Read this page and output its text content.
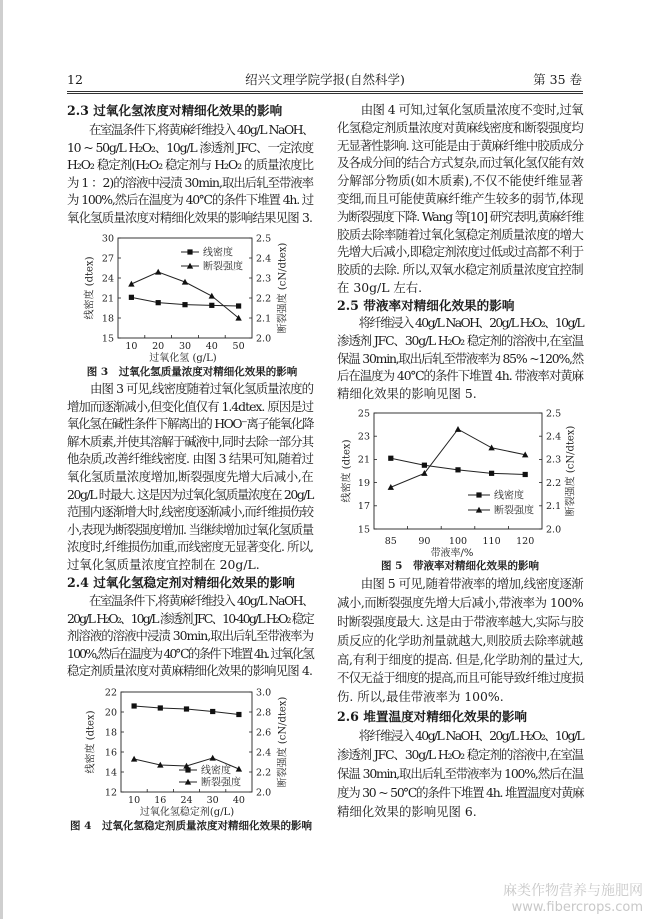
12	绍兴文理学院学报(自然科学)	第 35 卷
2.3 过氧化氢浓度对精细化效果的影响
　　在室温条件下,将黄麻纤维投入 40g/L NaOH、
10 ~ 50g/L H₂O₂、10g/L 渗透剂 JFC、一定浓度
H₂O₂ 稳定剂(H₂O₂ 稳定剂与 H₂O₂ 的质量浓度比
为 1 ：2)的溶液中浸渍 30min,取出后轧至带液率
为 100%,然后在温度为 40℃的条件下堆置 4h. 过
氧化氢质量浓度对精细化效果的影响结果见图 3.
10 20 30 40 50
15
18
21
24
27
30
2.0
2.1
2.2
2.3
2.4
2.5
线密度 (dtex)	断裂强度 (cN/dtex)
过氧化氢 (g/L)
图 3　过氧化氢质量浓度对精细化效果的影响
线密度
断裂强度
　　由图 3 可见,线密度随着过氧化氢质量浓度的
增加而逐渐减小,但变化值仅有 1.4dtex. 原因是过
氧化氢在碱性条件下解离出的 HOO⁻离子能氧化降
解木质素,并使其溶解于碱液中,同时去除一部分其
他杂质,改善纤维线密度. 由图 3 结果可知,随着过
氧化氢质量浓度增加,断裂强度先增大后减小,在
20g/L 时最大. 这是因为过氧化氢质量浓度在 20g/L
范围内逐渐增大时,线密度逐渐减小,而纤维损伤较
小,表现为断裂强度增加. 当继续增加过氧化氢质量
浓度时,纤维损伤加重,而线密度无显著变化. 所以,
过氧化氢质量浓度宜控制在 20g/L.
2.4 过氧化氢稳定剂对精细化效果的影响
　　在室温条件下,将黄麻纤维投入 40g/L NaOH、
20g/L H₂O₂、10g/L 渗透剂 JFC、10-40g/L H₂O₂ 稳定
剂溶液的溶液中浸渍 30min,取出后轧至带液率为
100%,然后在温度为 40℃的条件下堆置 4h. 过氧化氢
稳定剂质量浓度对黄麻精细化效果的影响见图 4.
10 16 24 30 40
12
14
16
18
20
22
2.0
2.2
2.4
2.6
2.8
3.0
线密度 (dtex)	断裂强度 (cN/dtex)
过氧化氢稳定剂(g/L)
图 4　过氧化氢稳定剂质量浓度对精细化效果的影响
线密度
断裂强度
　　由图 4 可知,过氧化氢质量浓度不变时,过氧
化氢稳定剂质量浓度对黄麻线密度和断裂强度均
无显著性影响. 这可能是由于黄麻纤维中胶质成分
及各成分间的结合方式复杂,而过氧化氢仅能有效
分解部分物质(如木质素),不仅不能使纤维显著
变细,而且可能使黄麻纤维产生较多的弱节,体现
为断裂强度下降. Wang 等[10] 研究表明,黄麻纤维
胶质去除率随着过氧化氢稳定剂质量浓度的增大
先增大后减小,即稳定剂浓度过低或过高都不利于
胶质的去除. 所以,双氧水稳定剂质量浓度宜控制
在 30g/L 左右.
2.5 带液率对精细化效果的影响
　　将纤维浸入 40g/L NaOH、20g/L H₂O₂、10g/L
渗透剂 JFC、30g/L H₂O₂ 稳定剂的溶液中,在室温
保温 30min,取出后轧至带液率为 85% ~120%,然
后在温度为 40℃的条件下堆置 4h. 带液率对黄麻
精细化效果的影响见图 5.
85 90 100 110 120
15
17
19
21
23
25
2.0
2.1
2.2
2.3
2.4
2.5
线密度 (dtex)	断裂强度 (cN/dtex)
带液率/%
图 5　带液率对精细化效果的影响
线密度
断裂强度
　　由图 5 可见,随着带液率的增加,线密度逐渐
减小,而断裂强度先增大后减小,带液率为 100%
时断裂强度最大. 这是由于带液率越大,实际与胶
质反应的化学助剂量就越大,则胶质去除率就越
高,有利于细度的提高. 但是,化学助剂的量过大,
不仅无益于细度的提高,而且可能导致纤维过度损
伤. 所以,最佳带液率为 100%.
2.6 堆置温度对精细化效果的影响
　　将纤维浸入 40g/L NaOH、20g/L H₂O₂、10g/L
渗透剂 JFC、30g/L H₂O₂ 稳定剂的溶液中,在室温
保温 30min,取出后轧至带液率为 100%,然后在温
度为 30 ~ 50℃的条件下堆置 4h. 堆置温度对黄麻
精细化效果的影响见图 6.
麻类作物营养与施肥网
www.fibercrops.com
